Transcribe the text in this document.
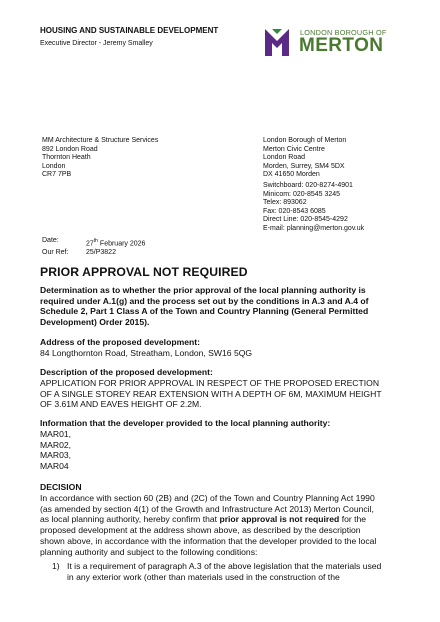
HOUSING AND SUSTAINABLE DEVELOPMENT
Executive Director - Jeremy Smalley
LONDON BOROUGH OF
MERTON
MM Architecture & Structure Services
892 London Road
Thornton Heath
London
CR7 7PB
London Borough of Merton
Merton Civic Centre
London Road
Morden, Surrey, SM4 5DX
DX 41650 Morden
Switchboard: 020-8274-4901
Minicom: 020-8545 3245
Telex: 893062
Fax: 020-8543 6085
Direct Line: 020-8545-4292
E-mail: planning@merton.gov.uk
Date:	27th February 2026
Our Ref:	25/P3822
PRIOR APPROVAL NOT REQUIRED
Determination as to whether the prior approval of the local planning authority is
required under A.1(g) and the process set out by the conditions in A.3 and A.4 of
Schedule 2, Part 1 Class A of the Town and Country Planning (General Permitted
Development) Order 2015).
Address of the proposed development:
84 Longthornton Road, Streatham, London, SW16 5QG
Description of the proposed development:
APPLICATION FOR PRIOR APPROVAL IN RESPECT OF THE PROPOSED ERECTION
OF A SINGLE STOREY REAR EXTENSION WITH A DEPTH OF 6M, MAXIMUM HEIGHT
OF 3.61M AND EAVES HEIGHT OF 2.2M.
Information that the developer provided to the local planning authority:
MAR01,
MAR02,
MAR03,
MAR04
DECISION
In accordance with section 60 (2B) and (2C) of the Town and Country Planning Act 1990
(as amended by section 4(1) of the Growth and Infrastructure Act 2013) Merton Council,
as local planning authority, hereby confirm that prior approval is not required for the
proposed development at the address shown above, as described by the description
shown above, in accordance with the information that the developer provided to the local
planning authority and subject to the following conditions:
1) It is a requirement of paragraph A.3 of the above legislation that the materials used
in any exterior work (other than materials used in the construction of the
